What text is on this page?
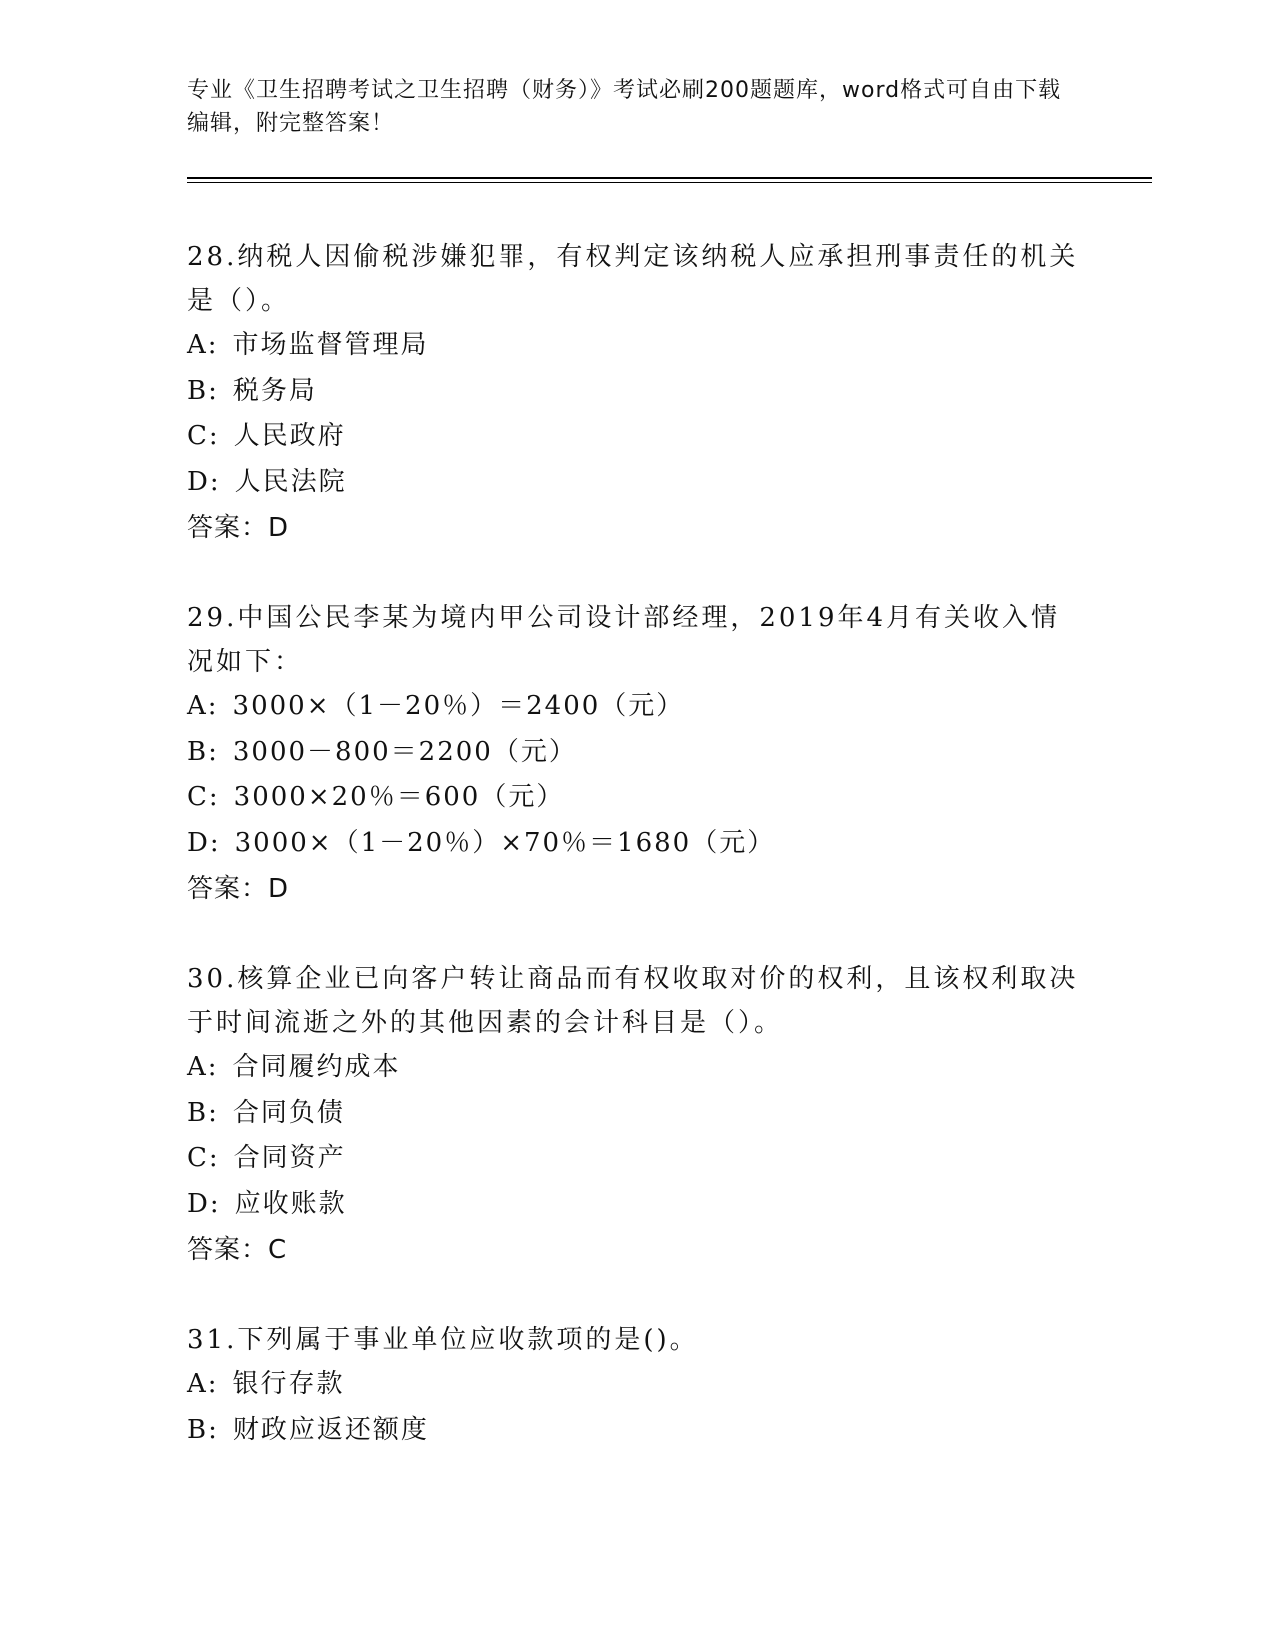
专业《卫生招聘考试之卫生招聘（财务）》考试必刷200题题库，word格式可自由下载编辑，附完整答案！

28.纳税人因偷税涉嫌犯罪，有权判定该纳税人应承担刑事责任的机关是（）。

A: 市场监督管理局

B: 税务局

C: 人民政府

D: 人民法院

答案：D

29.中国公民李某为境内甲公司设计部经理，2019年4月有关收入情况如下：

A: 3000×（1－20％）＝2400（元）

B: 3000－800＝2200（元）

C: 3000×20％＝600（元）

D: 3000×（1－20％）×70％＝1680（元）

答案：D

30.核算企业已向客户转让商品而有权收取对价的权利，且该权利取决于时间流逝之外的其他因素的会计科目是（）。

A: 合同履约成本

B: 合同负债

C: 合同资产

D: 应收账款

答案：C

31.下列属于事业单位应收款项的是()。

A: 银行存款

B: 财政应返还额度
